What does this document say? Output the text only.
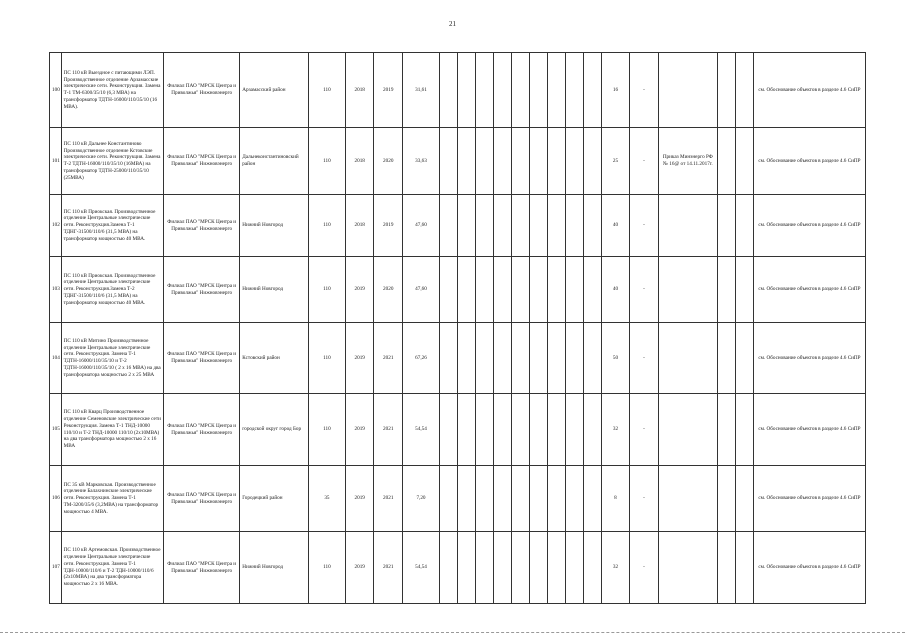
21
100	ПС 110 кВ Выездное с питающими ЛЭП. Производственное отделение Арзамасские электрические сети. Реконструкция. Замена Т-1 ТМ-6300/35/10 (6,3 МВА) на трансформатор ТДТН-16000/110/35/10 (16 МВА).	Филиал ПАО "МРСК Центра и Приволжья" Нижновэнерго	Арзамасский район	110	2018	2019	31,61										16	-				см. Обоснование объектов в разделе 4.6 СиПР
101	ПС 110 кВ Дальнее Константиново Производственное отделение Кстовские электрические сети. Реконструкция. Замена Т-2 ТДТН-16000/110/35/10 (16МВА) на трансформатор ТДТН-25000/110/35/10 (25МВА)	Филиал ПАО "МРСК Центра и Приволжья" Нижновэнерго	Дальнеконстантиновский район	110	2018	2020	33,63										25	-	Приказ Минэнерго РФ № 16@ от 14.11.2017г.			см. Обоснование объектов в разделе 4.6 СиПР
102	ПС 110 кВ Приокская. Производственное отделение Центральные электрические сети. Реконструкция.Замена Т-1 ТДНГ-31500/110/6 (31,5 МВА) на трансформатор мощностью 40 МВА.	Филиал ПАО "МРСК Центра и Приволжья" Нижновэнерго	Нижний Новгород	110	2018	2019	47,60										40	-				см. Обоснование объектов в разделе 4.6 СиПР
103	ПС 110 кВ Приокская. Производственное отделение Центральные электрические сети. Реконструкция.Замена Т-2 ТДНГ-31500/110/6 (31,5 МВА) на трансформатор мощностью 40 МВА.	Филиал ПАО "МРСК Центра и Приволжья" Нижновэнерго	Нижний Новгород	110	2019	2020	47,60										40	-				см. Обоснование объектов в разделе 4.6 СиПР
104	ПС 110 кВ Митино Производственное отделение Центральные электрические сети. Реконструкция. Замена Т-1 ТДТН-16000/110/35/10 и Т-2 ТДТН-16000/110/35/10 ( 2 х 16 МВА) на два трансформатора мощностью 2 х 25 МВА	Филиал ПАО "МРСК Центра и Приволжья" Нижновэнерго	Кстовский район	110	2019	2021	67,26										50	-				см. Обоснование объектов в разделе 4.6 СиПР
105	ПС 110 кВ Кварц Производственное отделение Семеновские электрические сети Реконструкция. Замена Т-1 ТНД-10000 110/10 и Т-2 ТНД-10000 110/10 (2х10МВА) на два трансформатора мощностью 2 х 16 МВА	Филиал ПАО "МРСК Центра и Приволжья" Нижновэнерго	городской округ город Бор	110	2019	2021	54,54										32	-				см. Обоснование объектов в разделе 4.6 СиПР
106	ПС 35 кВ Марковская. Производственное отделение Балахнинские электрические сети. Реконструкция. Замена Т-1 ТМ-3200/35/6 (3,2МВА) на трансформатор мощностью 4 МВА.	Филиал ПАО "МРСК Центра и Приволжья" Нижновэнерго	Городецкий район	35	2019	2021	7,20										8	-				см. Обоснование объектов в разделе 4.6 СиПР
107	ПС 110 кВ Артемовская. Производственное отделение Центральные электрические сети. Реконструкция. Замена Т-1 ТДН-10000/110/6 и Т-2 ТДН-10000/110/6 (2х10МВА) на два трансформатора мощностью 2 х 16 МВА.	Филиал ПАО "МРСК Центра и Приволжья" Нижновэнерго	Нижний Новгород	110	2019	2021	54,54										32	-				см. Обоснование объектов в разделе 4.6 СиПР
